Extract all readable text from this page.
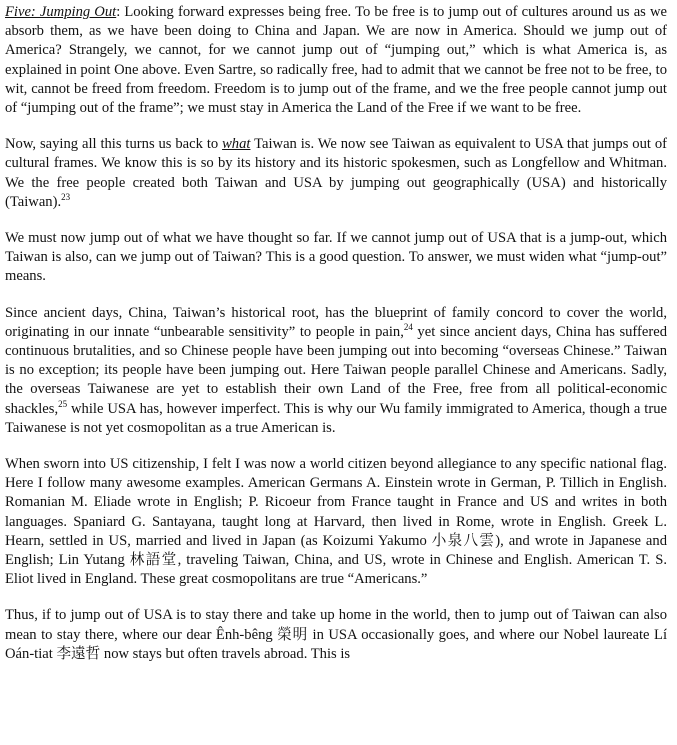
Five: Jumping Out: Looking forward expresses being free. To be free is to jump out of cultures around us as we absorb them, as we have been doing to China and Japan. We are now in America. Should we jump out of America? Strangely, we cannot, for we cannot jump out of “jumping out,” which is what America is, as explained in point One above. Even Sartre, so radically free, had to admit that we cannot be free not to be free, to wit, cannot be freed from freedom. Freedom is to jump out of the frame, and we the free people cannot jump out of “jumping out of the frame”; we must stay in America the Land of the Free if we want to be free.

Now, saying all this turns us back to what Taiwan is. We now see Taiwan as equivalent to USA that jumps out of cultural frames. We know this is so by its history and its historic spokesmen, such as Longfellow and Whitman. We the free people created both Taiwan and USA by jumping out geographically (USA) and historically (Taiwan).$^{23}$

We must now jump out of what we have thought so far. If we cannot jump out of USA that is a jump-out, which Taiwan is also, can we jump out of Taiwan? This is a good question. To answer, we must widen what “jump-out” means.

Since ancient days, China, Taiwan’s historical root, has the blueprint of family concord to cover the world, originating in our innate “unbearable sensitivity” to people in pain,$^{24}$ yet since ancient days, China has suffered continuous brutalities, and so Chinese people have been jumping out into becoming “overseas Chinese.” Taiwan is no exception; its people have been jumping out. Here Taiwan people parallel Chinese and Americans. Sadly, the overseas Taiwanese are yet to establish their own Land of the Free, free from all political-economic shackles,$^{25}$ while USA has, however imperfect. This is why our Wu family immigrated to America, though a true Taiwanese is not yet cosmopolitan as a true American is.

When sworn into US citizenship, I felt I was now a world citizen beyond allegiance to any specific national flag. Here I follow many awesome examples. American Germans A. Einstein wrote in German, P. Tillich in English. Romanian M. Eliade wrote in English; P. Ricoeur from France taught in France and US and writes in both languages. Spaniard G. Santayana, taught long at Harvard, then lived in Rome, wrote in English. Greek L. Hearn, settled in US, married and lived in Japan (as Koizumi Yakumo 小泉八雲), and wrote in Japanese and English; Lin Yutang 林語堂, traveling Taiwan, China, and US, wrote in Chinese and English. American T. S. Eliot lived in England. These great cosmopolitans are true “Americans.”

Thus, if to jump out of USA is to stay there and take up home in the world, then to jump out of Taiwan can also mean to stay there, where our dear Ênh-bêng 榮明 in USA occasionally goes, and where our Nobel laureate Lí Oán-tiat 李遠哲 now stays but often travels abroad. This is
